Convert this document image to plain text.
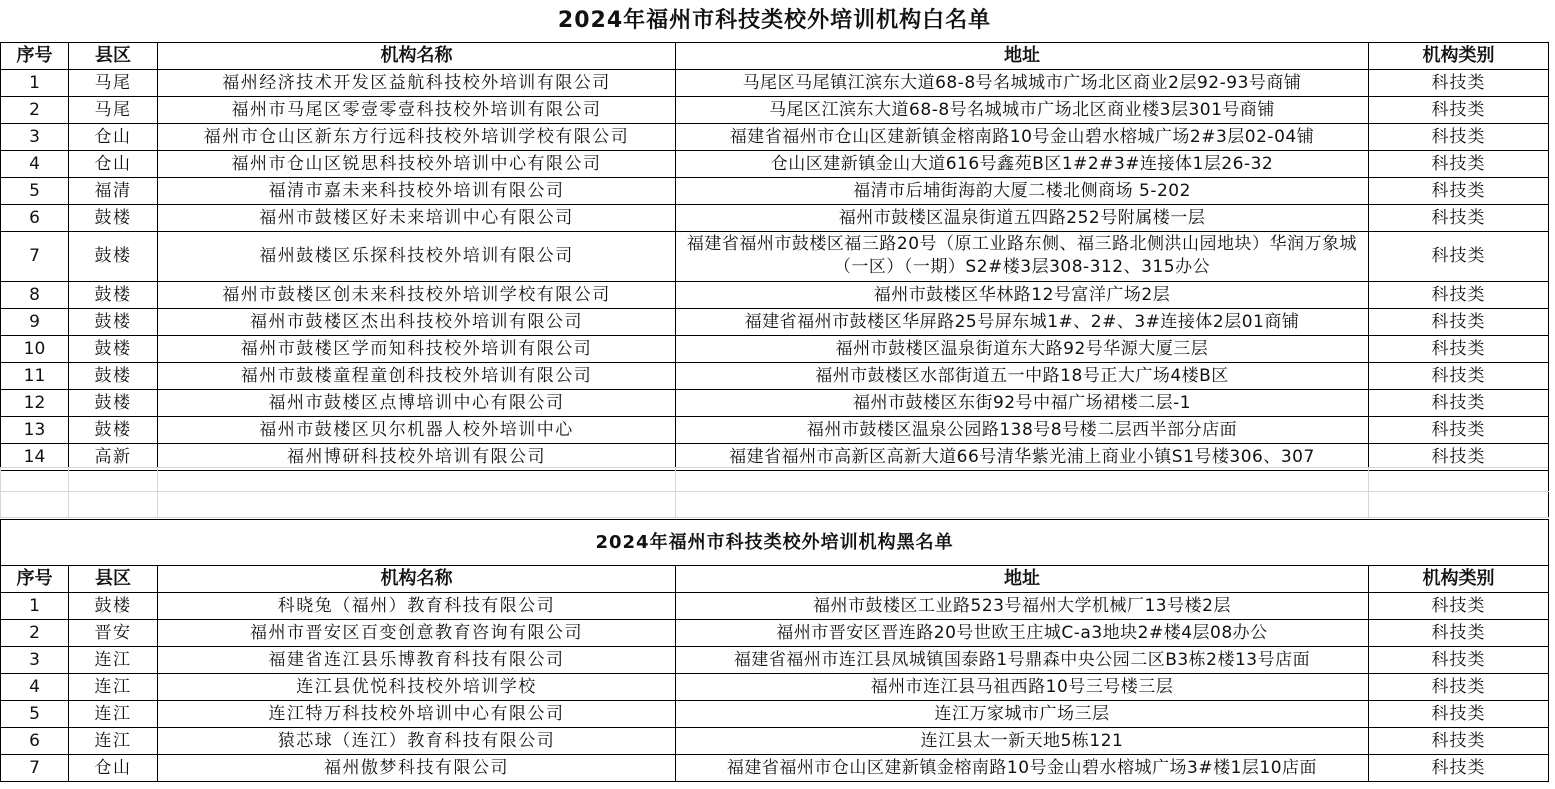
2024年福州市科技类校外培训机构白名单				
序号	县区	机构名称	地址	机构类别
1	马尾	福州经济技术开发区益航科技校外培训有限公司	马尾区马尾镇江滨东大道68-8号名城城市广场北区商业2层92-93号商铺	科技类
2	马尾	福州市马尾区零壹零壹科技校外培训有限公司	马尾区江滨东大道68-8号名城城市广场北区商业楼3层301号商铺	科技类
3	仓山	福州市仓山区新东方行远科技校外培训学校有限公司	福建省福州市仓山区建新镇金榕南路10号金山碧水榕城广场2#3层02-04铺	科技类
4	仓山	福州市仓山区锐思科技校外培训中心有限公司	仓山区建新镇金山大道616号鑫苑B区1#2#3#连接体1层26-32	科技类
5	福清	福清市嘉未来科技校外培训有限公司	福清市后埔街海韵大厦二楼北侧商场 5-202	科技类
6	鼓楼	福州市鼓楼区好未来培训中心有限公司	福州市鼓楼区温泉街道五四路252号附属楼一层	科技类
7	鼓楼	福州鼓楼区乐探科技校外培训有限公司	福建省福州市鼓楼区福三路20号（原工业路东侧、福三路北侧洪山园地块）华润万象城（一区）（一期）S2#楼3层308-312、315办公	科技类
8	鼓楼	福州市鼓楼区创未来科技校外培训学校有限公司	福州市鼓楼区华林路12号富洋广场2层	科技类
9	鼓楼	福州市鼓楼区杰出科技校外培训有限公司	福建省福州市鼓楼区华屏路25号屏东城1#、2#、3#连接体2层01商铺	科技类
10	鼓楼	福州市鼓楼区学而知科技校外培训有限公司	福州市鼓楼区温泉街道东大路92号华源大厦三层	科技类
11	鼓楼	福州市鼓楼童程童创科技校外培训有限公司	福州市鼓楼区水部街道五一中路18号正大广场4楼B区	科技类
12	鼓楼	福州市鼓楼区点博培训中心有限公司	福州市鼓楼区东街92号中福广场裙楼二层-1	科技类
13	鼓楼	福州市鼓楼区贝尔机器人校外培训中心	福州市鼓楼区温泉公园路138号8号楼二层西半部分店面	科技类
14	高新	福州博研科技校外培训有限公司	福建省福州市高新区高新大道66号清华紫光浦上商业小镇S1号楼306、307	科技类

2024年福州市科技类校外培训机构黑名单				
序号	县区	机构名称	地址	机构类别
1	鼓楼	科晓兔（福州）教育科技有限公司	福州市鼓楼区工业路523号福州大学机械厂13号楼2层	科技类
2	晋安	福州市晋安区百变创意教育咨询有限公司	福州市晋安区晋连路20号世欧王庄城C-a3地块2#楼4层08办公	科技类
3	连江	福建省连江县乐博教育科技有限公司	福建省福州市连江县凤城镇国泰路1号鼎森中央公园二区B3栋2楼13号店面	科技类
4	连江	连江县优悦科技校外培训学校	福州市连江县马祖西路10号三号楼三层	科技类
5	连江	连江特万科技校外培训中心有限公司	连江万家城市广场三层	科技类
6	连江	猿芯球（连江）教育科技有限公司	连江县太一新天地5栋121	科技类
7	仓山	福州傲梦科技有限公司	福建省福州市仓山区建新镇金榕南路10号金山碧水榕城广场3#楼1层10店面	科技类
